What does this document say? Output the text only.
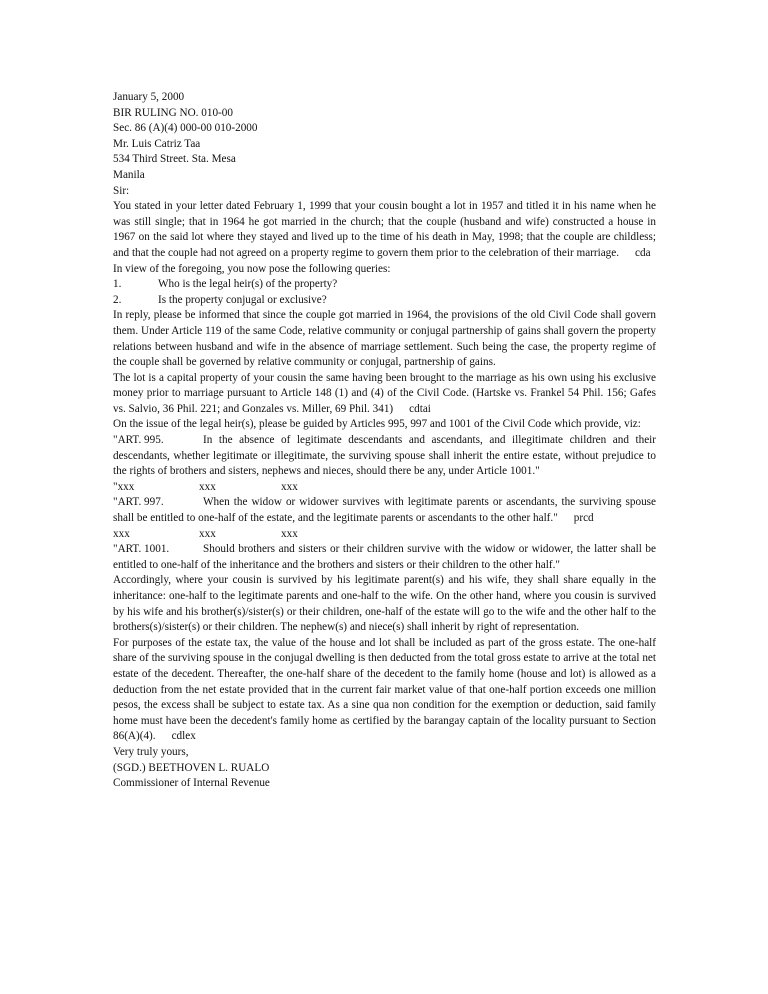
January 5, 2000
BIR RULING NO. 010-00
Sec. 86 (A)(4) 000-00 010-2000
Mr. Luis Catriz Taa
534 Third Street. Sta. Mesa
Manila
Sir:
You stated in your letter dated February 1, 1999 that your cousin bought a lot in 1957 and titled it in his name when he was still single; that in 1964 he got married in the church; that the couple (husband and wife) constructed a house in 1967 on the said lot where they stayed and lived up to the time of his death in May, 1998; that the couple are childless; and that the couple had not agreed on a property regime to govern them prior to the celebration of their marriage. cda
In view of the foregoing, you now pose the following queries:
1.	Who is the legal heir(s) of the property?
2.	Is the property conjugal or exclusive?
In reply, please be informed that since the couple got married in 1964, the provisions of the old Civil Code shall govern them. Under Article 119 of the same Code, relative community or conjugal partnership of gains shall govern the property relations between husband and wife in the absence of marriage settlement. Such being the case, the property regime of the couple shall be governed by relative community or conjugal, partnership of gains.
The lot is a capital property of your cousin the same having been brought to the marriage as his own using his exclusive money prior to marriage pursuant to Article 148 (1) and (4) of the Civil Code. (Hartske vs. Frankel 54 Phil. 156; Gafes vs. Salvio, 36 Phil. 221; and Gonzales vs. Miller, 69 Phil. 341) cdtai
On the issue of the legal heir(s), please be guided by Articles 995, 997 and 1001 of the Civil Code which provide, viz:
"ART. 995.	In the absence of legitimate descendants and ascendants, and illegitimate children and their descendants, whether legitimate or illegitimate, the surviving spouse shall inherit the entire estate, without prejudice to the rights of brothers and sisters, nephews and nieces, should there be any, under Article 1001."
"xxx	xxx	xxx
"ART. 997.	When the widow or widower survives with legitimate parents or ascendants, the surviving spouse shall be entitled to one-half of the estate, and the legitimate parents or ascendants to the other half." prcd
xxx	xxx	xxx
"ART. 1001.	Should brothers and sisters or their children survive with the widow or widower, the latter shall be entitled to one-half of the inheritance and the brothers and sisters or their children to the other half."
Accordingly, where your cousin is survived by his legitimate parent(s) and his wife, they shall share equally in the inheritance: one-half to the legitimate parents and one-half to the wife. On the other hand, where you cousin is survived by his wife and his brother(s)/sister(s) or their children, one-half of the estate will go to the wife and the other half to the brothers(s)/sister(s) or their children. The nephew(s) and niece(s) shall inherit by right of representation.
For purposes of the estate tax, the value of the house and lot shall be included as part of the gross estate. The one-half share of the surviving spouse in the conjugal dwelling is then deducted from the total gross estate to arrive at the total net estate of the decedent. Thereafter, the one-half share of the decedent to the family home (house and lot) is allowed as a deduction from the net estate provided that in the current fair market value of that one-half portion exceeds one million pesos, the excess shall be subject to estate tax. As a sine qua non condition for the exemption or deduction, said family home must have been the decedent's family home as certified by the barangay captain of the locality pursuant to Section 86(A)(4). cdlex
Very truly yours,
(SGD.) BEETHOVEN L. RUALO
Commissioner of Internal Revenue
